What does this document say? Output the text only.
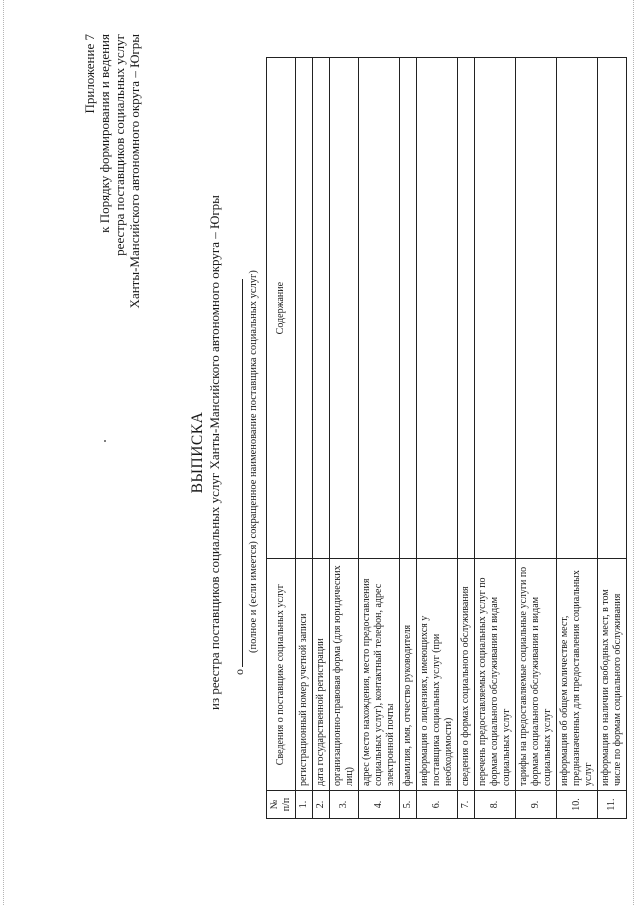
Приложение 7 к Порядку формирования и ведения реестра поставщиков социальных услуг Ханты-Мансийского автономного округа – Югры
ВЫПИСКА из реестра поставщиков социальных услуг Ханты-Мансийского автономного округа – Югры о
(полное и (если имеется) сокращенное наименование поставщика социальных услуг)
№ п/п	Сведения о поставщике социальных услуг	Содержание
1.	регистрационный номер учетной записи	
2.	дата государственной регистрации	
3.	организационно-правовая форма (для юридических лиц)	
4.	адрес (место нахождения, место предоставления социальных услуг), контактный телефон, адрес электронной почты	
5.	фамилия, имя, отчество руководителя	
6.	информация о лицензиях, имеющихся у поставщика социальных услуг (при необходимости)	
7.	сведения о формах социального обслуживания	
8.	перечень предоставляемых социальных услуг по формам социального обслуживания и видам социальных услуг	
9.	тарифы на предоставляемые социальные услуги по формам социального обслуживания и видам социальных услуг	
10.	информация об общем количестве мест, предназначенных для предоставления социальных услуг	
11.	информация о наличии свободных мест, в том числе по формам социального обслуживания	
